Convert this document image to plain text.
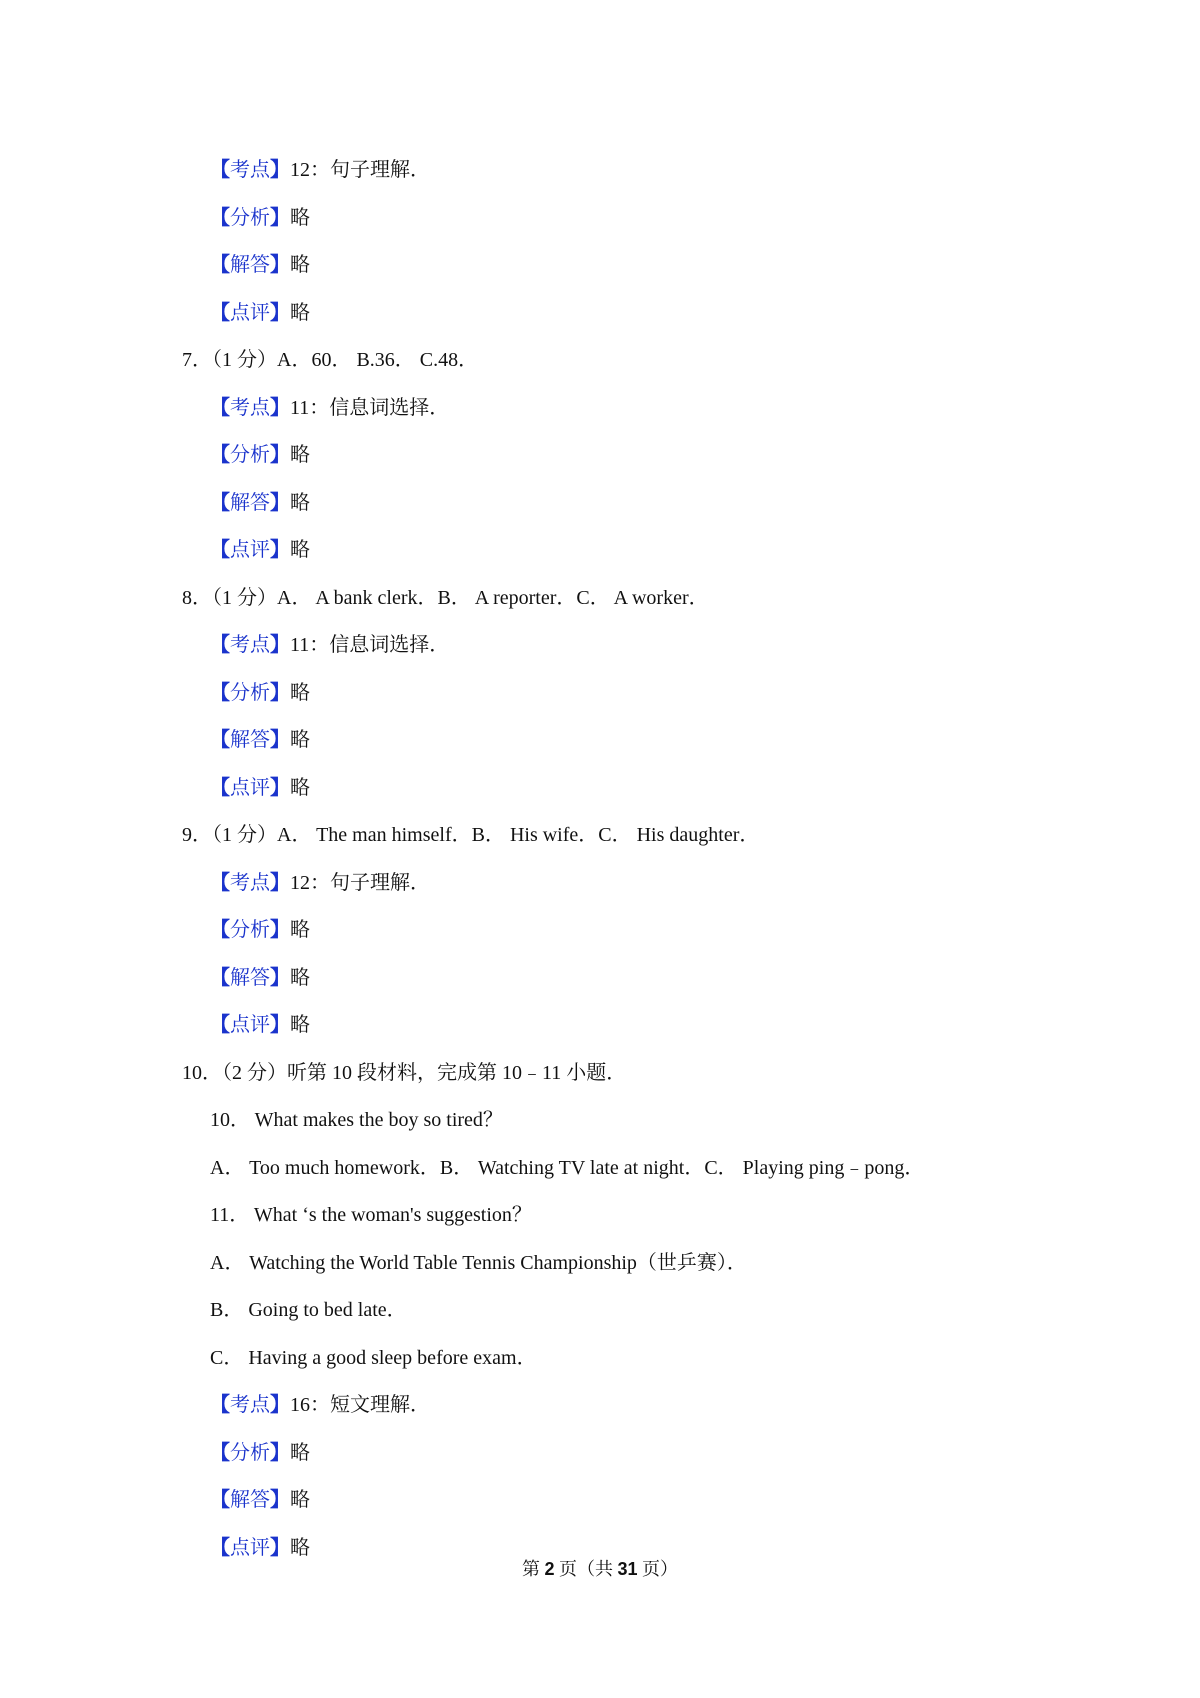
【考点】12：句子理解．
【分析】略
【解答】略
【点评】略
7．（1 分）A．60． B.36． C.48．
【考点】11：信息词选择．
【分析】略
【解答】略
【点评】略
8．（1 分）A． A bank clerk．B． A reporter．C． A worker．
【考点】11：信息词选择．
【分析】略
【解答】略
【点评】略
9．（1 分）A． The man himself．B． His wife．C． His daughter．
【考点】12：句子理解．
【分析】略
【解答】略
【点评】略
10．（2 分）听第 10 段材料，完成第 10﹣11 小题．
10． What makes the boy so tired？
A． Too much homework．B． Watching TV late at night．C． Playing ping﹣pong．
11． What ‘s the woman's suggestion？
A． Watching the World Table Tennis Championship（世乒赛）．
B． Going to bed late．
C． Having a good sleep before exam．
【考点】16：短文理解．
【分析】略
【解答】略
【点评】略
第 2 页（共 31 页）
